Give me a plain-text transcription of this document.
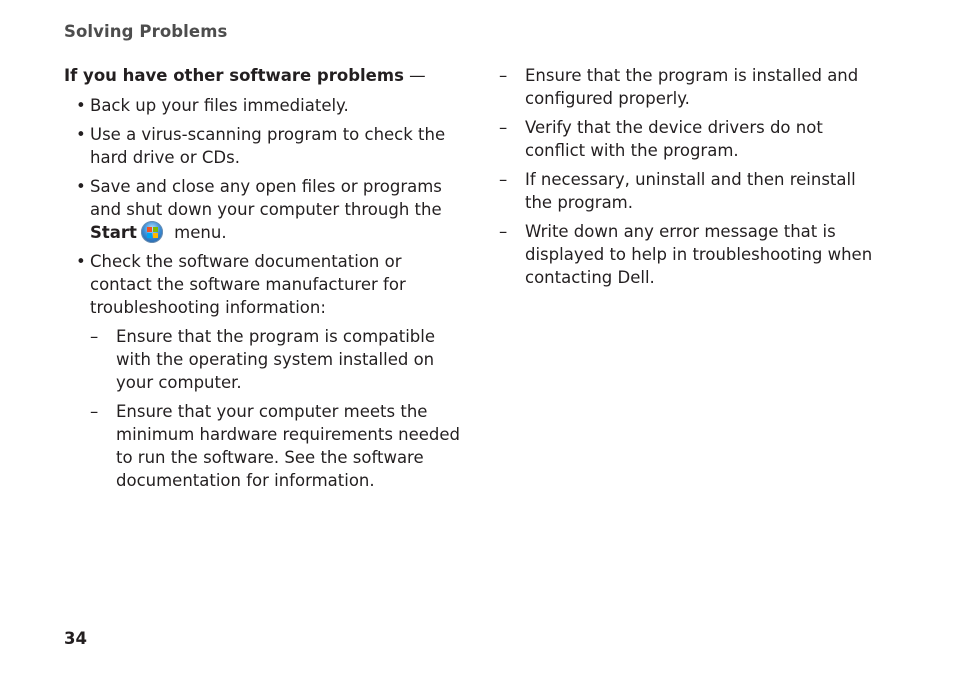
Solving Problems
If you have other software problems —
• Back up your files immediately.
• Use a virus-scanning program to check the hard drive or CDs.
• Save and close any open files or programs and shut down your computer through the
Start
menu.
• Check the software documentation or contact the software manufacturer for troubleshooting information:
– Ensure that the program is compatible with the operating system installed on your computer.
– Ensure that your computer meets the minimum hardware requirements needed to run the software. See the software documentation for information.
– Ensure that the program is installed and configured properly.
– Verify that the device drivers do not conflict with the program.
– If necessary, uninstall and then reinstall the program.
– Write down any error message that is displayed to help in troubleshooting when contacting Dell.
34
